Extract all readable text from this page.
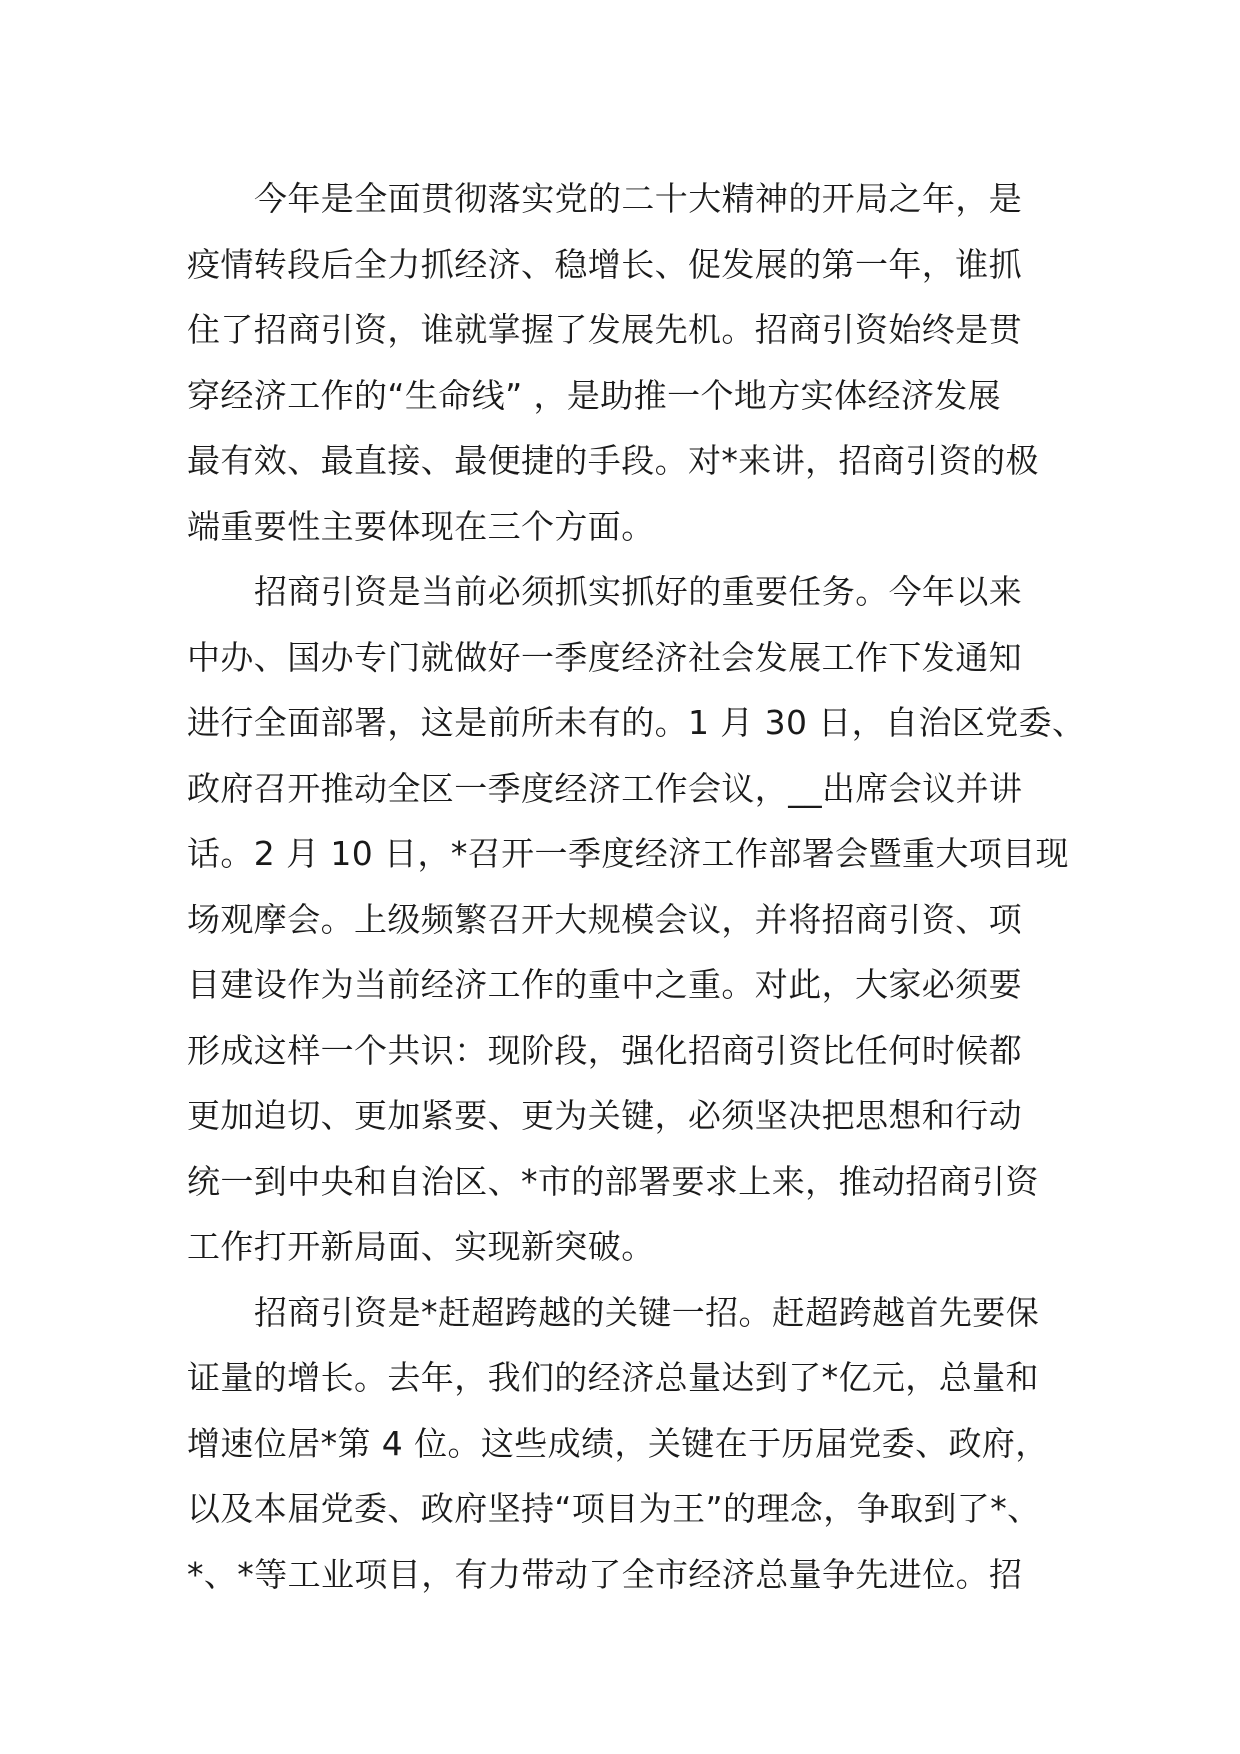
今年是全面贯彻落实党的二十大精神的开局之年，是
疫情转段后全力抓经济、稳增长、促发展的第一年，谁抓
住了招商引资，谁就掌握了发展先机。招商引资始终是贯
穿经济工作的“生命线” ，是助推一个地方实体经济发展
最有效、最直接、最便捷的手段。对*来讲，招商引资的极
端重要性主要体现在三个方面。
招商引资是当前必须抓实抓好的重要任务。今年以来
中办、国办专门就做好一季度经济社会发展工作下发通知
进行全面部署，这是前所未有的。1 月 30 日，自治区党委、
政府召开推动全区一季度经济工作会议，__出席会议并讲
话。2 月 10 日，*召开一季度经济工作部署会暨重大项目现
场观摩会。上级频繁召开大规模会议，并将招商引资、项
目建设作为当前经济工作的重中之重。对此，大家必须要
形成这样一个共识：现阶段，强化招商引资比任何时候都
更加迫切、更加紧要、更为关键，必须坚决把思想和行动
统一到中央和自治区、*市的部署要求上来，推动招商引资
工作打开新局面、实现新突破。
招商引资是*赶超跨越的关键一招。赶超跨越首先要保
证量的增长。去年，我们的经济总量达到了*亿元，总量和
增速位居*第 4 位。这些成绩，关键在于历届党委、政府，
以及本届党委、政府坚持“项目为王”的理念，争取到了*、
*、*等工业项目，有力带动了全市经济总量争先进位。招
